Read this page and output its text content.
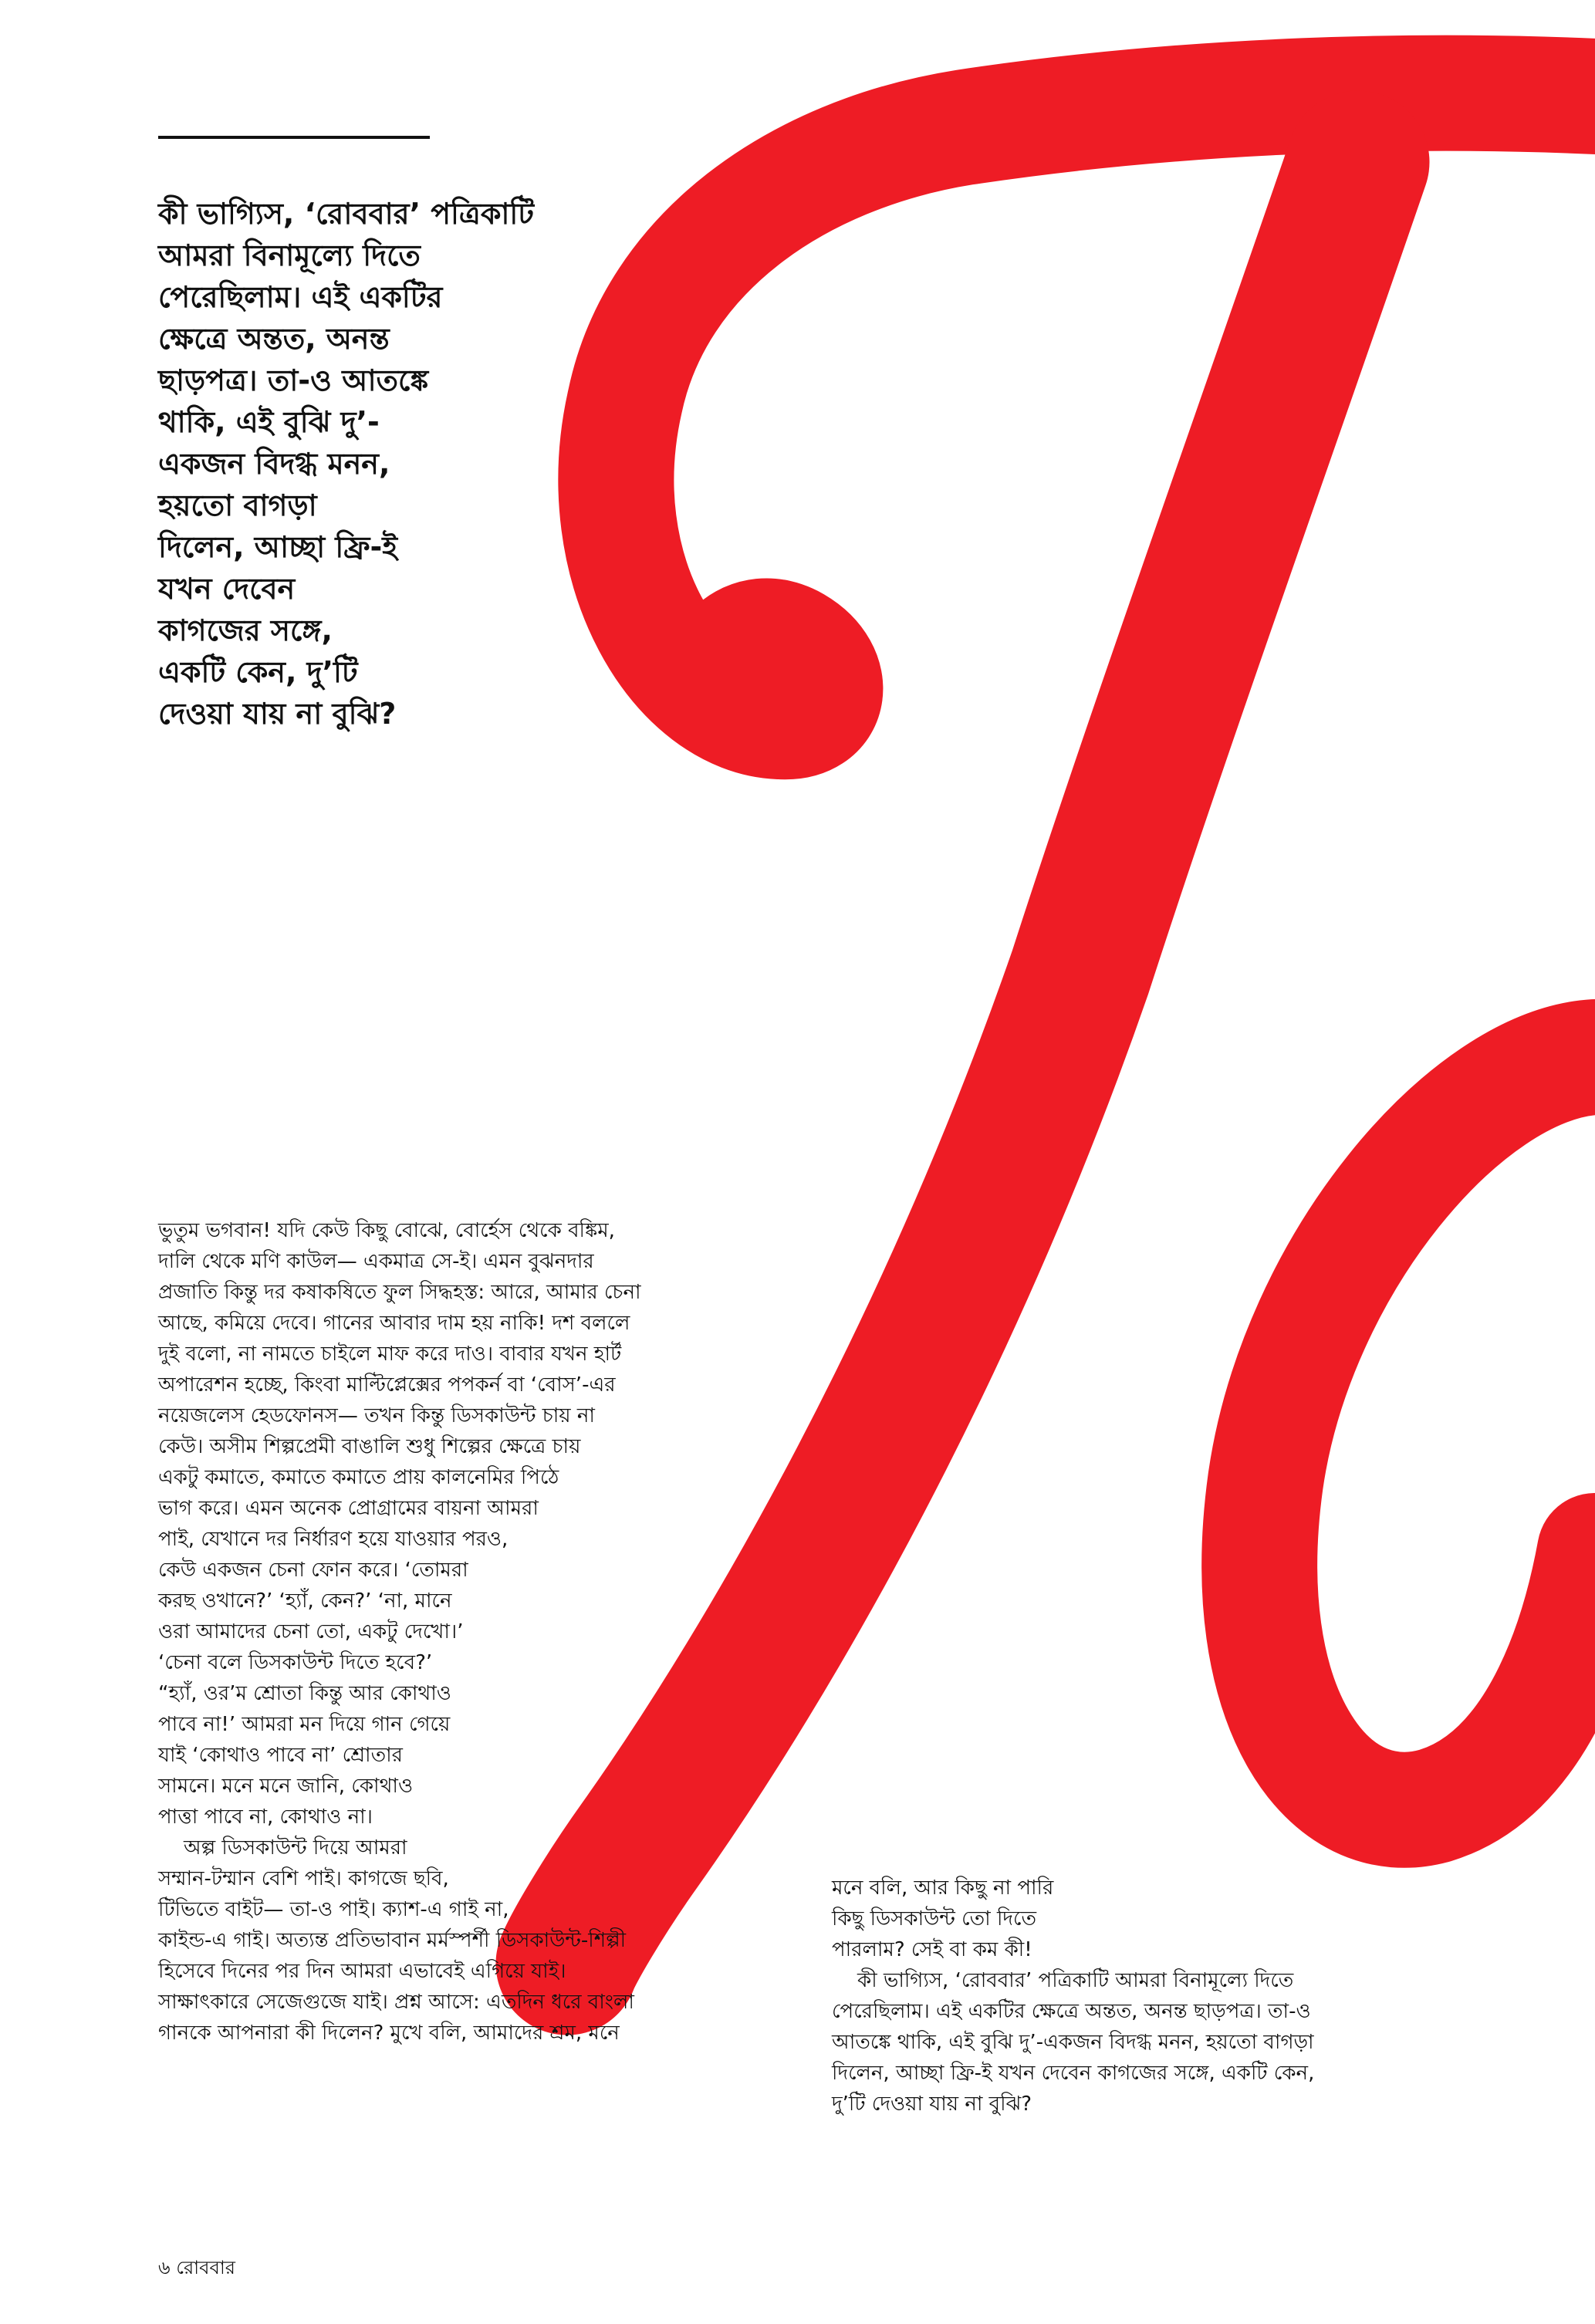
কী ভাগ্যিস, ‘রোববার’ পত্রিকাটি
আমরা বিনামূল্যে দিতে
পেরেছিলাম। এই একটির
ক্ষেত্রে অন্তত, অনন্ত
ছাড়পত্র। তা-ও আতঙ্কে
থাকি, এই বুঝি দু’-
একজন বিদগ্ধ মনন,
হয়তো বাগড়া
দিলেন, আচ্ছা ফ্রি-ই
যখন দেবেন
কাগজের সঙ্গে,
একটি কেন, দু’টি
দেওয়া যায় না বুঝি?
ভুতুম ভগবান! যদি কেউ কিছু বোঝে, বোর্হেস থেকে বঙ্কিম,
দালি থেকে মণি কাউল— একমাত্র সে-ই। এমন বুঝনদার
প্রজাতি কিন্তু দর কষাকষিতে ফুল সিদ্ধহস্ত: আরে, আমার চেনা
আছে, কমিয়ে দেবে। গানের আবার দাম হয় নাকি! দশ বললে
দুই বলো, না নামতে চাইলে মাফ করে দাও। বাবার যখন হার্ট
অপারেশন হচ্ছে, কিংবা মাল্টিপ্লেক্সের পপকর্ন বা ‘বোস’-এর
নয়েজলেস হেডফোনস— তখন কিন্তু ডিসকাউন্ট চায় না
কেউ। অসীম শিল্পপ্রেমী বাঙালি শুধু শিল্পের ক্ষেত্রে চায়
একটু কমাতে, কমাতে কমাতে প্রায় কালনেমির পিঠে
ভাগ করে। এমন অনেক প্রোগ্রামের বায়না আমরা
পাই, যেখানে দর নির্ধারণ হয়ে যাওয়ার পরও,
কেউ একজন চেনা ফোন করে। ‘তোমরা
করছ ওখানে?’ ‘হ্যাঁ, কেন?’ ‘না, মানে
ওরা আমাদের চেনা তো, একটু দেখো।’
‘চেনা বলে ডিসকাউন্ট দিতে হবে?’
“হ্যাঁ, ওর’ম শ্রোতা কিন্তু আর কোথাও
পাবে না!’ আমরা মন দিয়ে গান গেয়ে
যাই ‘কোথাও পাবে না’ শ্রোতার
সামনে। মনে মনে জানি, কোথাও
পাত্তা পাবে না, কোথাও না।
অল্প ডিসকাউন্ট দিয়ে আমরা
সম্মান-টম্মান বেশি পাই। কাগজে ছবি,
টিভিতে বাইট— তা-ও পাই। ক্যাশ-এ গাই না,
কাইন্ড-এ গাই। অত্যন্ত প্রতিভাবান মর্মস্পর্শী ডিসকাউন্ট-শিল্পী
হিসেবে দিনের পর দিন আমরা এভাবেই এগিয়ে যাই।
সাক্ষাৎকারে সেজেগুজে যাই। প্রশ্ন আসে: এতদিন ধরে বাংলা
গানকে আপনারা কী দিলেন? মুখে বলি, আমাদের শ্রম, মনে
মনে বলি, আর কিছু না পারি
কিছু ডিসকাউন্ট তো দিতে
পারলাম? সেই বা কম কী!
কী ভাগ্যিস, ‘রোববার’ পত্রিকাটি আমরা বিনামূল্যে দিতে
পেরেছিলাম। এই একটির ক্ষেত্রে অন্তত, অনন্ত ছাড়পত্র। তা-ও
আতঙ্কে থাকি, এই বুঝি দু’-একজন বিদগ্ধ মনন, হয়তো বাগড়া
দিলেন, আচ্ছা ফ্রি-ই যখন দেবেন কাগজের সঙ্গে, একটি কেন,
দু’টি দেওয়া যায় না বুঝি?
৬ রোববার
